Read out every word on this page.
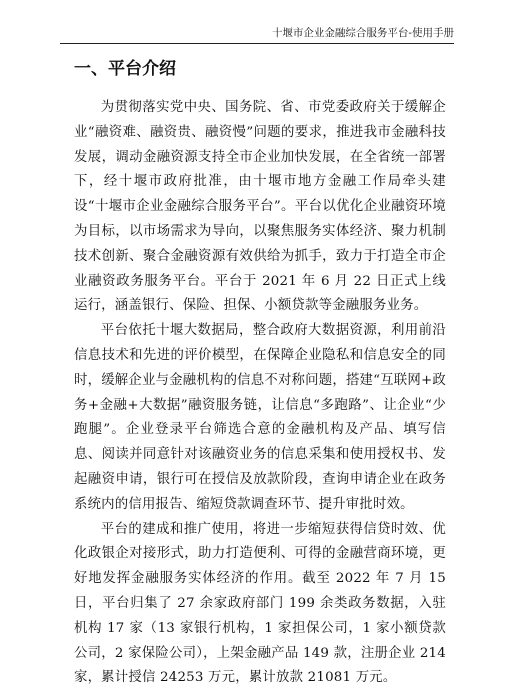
十堰市企业金融综合服务平台-使用手册
一、平台介绍

为贯彻落实党中央、国务院、省、市党委政府关于缓解企业“融资难、融资贵、融资慢”问题的要求，推进我市金融科技发展，调动金融资源支持全市企业加快发展，在全省统一部署下，经十堰市政府批准，由十堰市地方金融工作局牵头建设“十堰市企业金融综合服务平台”。平台以优化企业融资环境为目标，以市场需求为导向，以聚焦服务实体经济、聚力机制技术创新、聚合金融资源有效供给为抓手，致力于打造全市企业融资政务服务平台。平台于 2021 年 6 月 22 日正式上线运行，涵盖银行、保险、担保、小额贷款等金融服务业务。

平台依托十堰大数据局，整合政府大数据资源，利用前沿信息技术和先进的评价模型，在保障企业隐私和信息安全的同时，缓解企业与金融机构的信息不对称问题，搭建“互联网+政务+金融+大数据”融资服务链，让信息“多跑路”、让企业“少跑腿”。企业登录平台筛选合意的金融机构及产品、填写信息、阅读并同意针对该融资业务的信息采集和使用授权书、发起融资申请，银行可在授信及放款阶段，查询申请企业在政务系统内的信用报告、缩短贷款调查环节、提升审批时效。

平台的建成和推广使用，将进一步缩短获得信贷时效、优化政银企对接形式，助力打造便利、可得的金融营商环境，更好地发挥金融服务实体经济的作用。截至 2022 年 7 月 15 日，平台归集了 27 余家政府部门 199 余类政务数据，入驻机构 17 家（13 家银行机构，1 家担保公司，1 家小额贷款公司，2 家保险公司），上架金融产品 149 款，注册企业 214 家，累计授信 24253 万元，累计放款 21081 万元。
